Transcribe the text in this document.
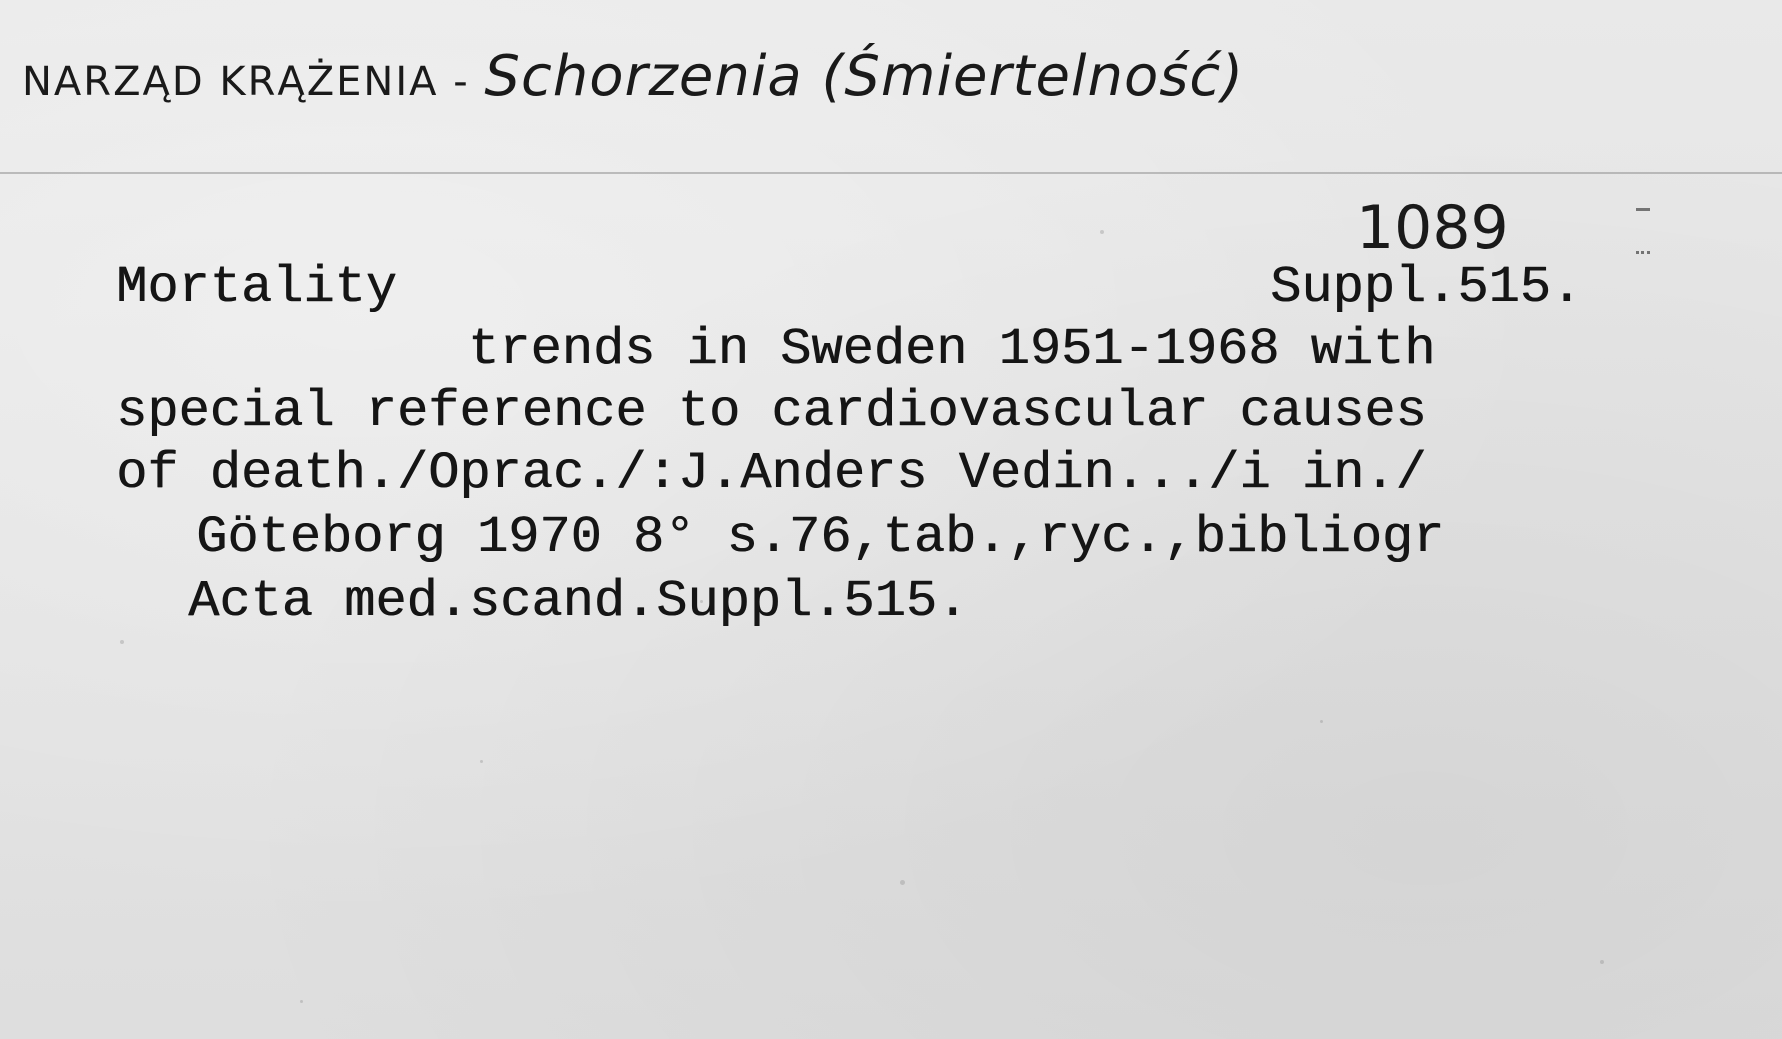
NARZĄD KRĄŻENIA - Schorzenia (Śmiertelność)
1089
Mortality	Suppl.515.
trends in Sweden 1951-1968 with
special reference to cardiovascular causes
of death./Oprac./:J.Anders Vedin.../i in./
Göteborg 1970 8° s.76,tab.,ryc.,bibliogr
Acta med.scand.Suppl.515.
